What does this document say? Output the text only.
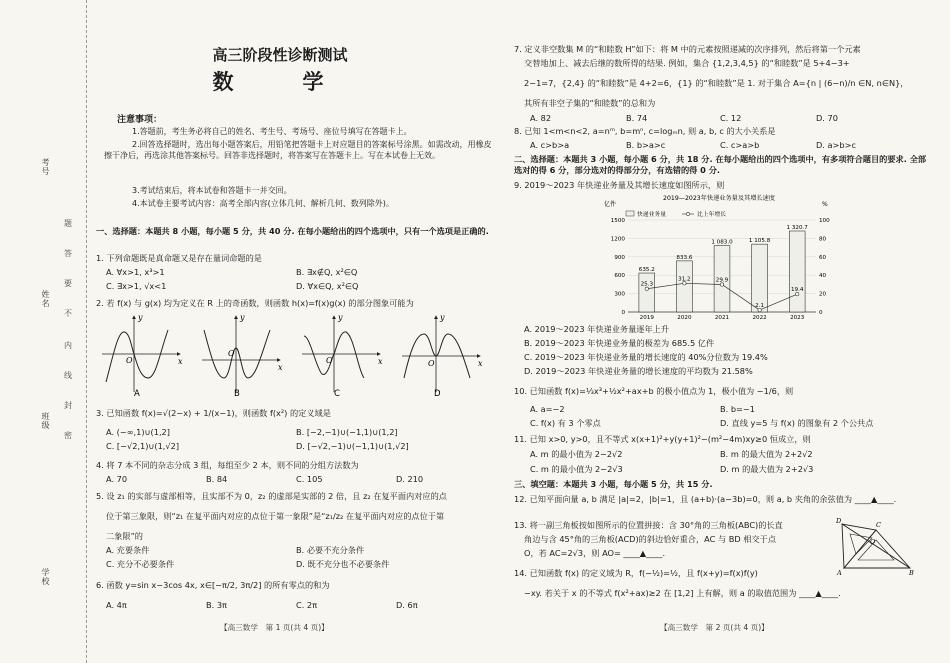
考号
姓名
班级
学校
题
答
要
不
内
线
封
密
高三阶段性诊断测试
数　学
注意事项：
1.答题前，考生务必将自己的姓名、考生号、考场号、座位号填写在答题卡上。
2.回答选择题时，选出每小题答案后，用铅笔把答题卡上对应题目的答案标号涂黑。如需改动，用橡皮擦干净后，再选涂其他答案标号。回答非选择题时，将答案写在答题卡上。写在本试卷上无效。
3.考试结束后，将本试卷和答题卡一并交回。
4.本试卷主要考试内容：高考全部内容(立体几何、解析几何、数列除外)。
一、选择题：本题共 8 小题，每小题 5 分，共 40 分. 在每小题给出的四个选项中，只有一个选项是正确的.
1. 下列命题既是真命题又是存在量词命题的是
A. ∀x>1, x³>1	B. ∃x∉Q, x²∈Q
C. ∃x>1, √x<1	D. ∀x∈Q, x²∈Q
2. 若 f(x) 与 g(x) 均为定义在 R 上的奇函数，则函数 h(x)=f(x)g(x) 的部分图象可能为
O	x
y
A
O
x
y
B
O	x
y
C
O	x
y
D
3. 已知函数 f(x)=√(2−x) + 1/(x−1)，则函数 f(x²) 的定义域是
A. (−∞,1)∪(1,2]	B. [−2,−1)∪(−1,1)∪(1,2]
C. [−√2,1)∪(1,√2]	D. [−√2,−1)∪(−1,1)∪(1,√2]
4. 将 7 本不同的杂志分成 3 组，每组至少 2 本，则不同的分组方法数为
A. 70	B. 84	C. 105	D. 210
5. 设 z₁ 的实部与虚部相等，且实部不为 0，z₂ 的虚部是实部的 2 倍，且 z₂ 在复平面内对应的点
位于第三象限，则“z₁ 在复平面内对应的点位于第一象限”是“z₁/z₂ 在复平面内对应的点位于第
二象限”的
A. 充要条件	B. 必要不充分条件
C. 充分不必要条件	D. 既不充分也不必要条件
6. 函数 y=sin x−3cos 4x, x∈[−π/2, 3π/2] 的所有零点的和为
A. 4π	B. 3π	C. 2π	D. 6π
【高三数学　第 1 页(共 4 页)】
7. 定义非空数集 M 的“和睦数 H”如下：将 M 中的元素按照递减的次序排列，然后将第一个元素
交替地加上、减去后继的数所得的结果. 例如，集合 {1,2,3,4,5} 的“和睦数”是 5+4−3+
2−1=7，{2,4} 的“和睦数”是 4+2=6，{1} 的“和睦数”是 1. 对于集合 A={n | (6−n)/n ∈N, n∈N}，
其所有非空子集的“和睦数”的总和为
A. 82	B. 74	C. 12	D. 70
8. 已知 1<m<n<2, a=nᵐ, b=mⁿ, c=logₘn, 则 a, b, c 的大小关系是
A. c>b>a	B. b>a>c	C. c>a>b	D. a>b>c
二、选择题：本题共 3 小题，每小题 6 分，共 18 分. 在每小题给出的四个选项中，有多项符合题目的要求. 全部选对的得 6 分，部分选对的得部分分，有选错的得 0 分.
9. 2019～2023 年快递业务量及其增长速度如图所示，则
2019—2023年快递业务量及其增长速度
亿件	%
635.2
833.6
1 083.0	1 105.8
1 320.7
25.3
31.2	29.9
2.1
19.4
0
300
600
900
1200
1500
0
20
40
60
80
100
2019	2020	2021	2022	2023
快递业务量	比上年增长
A. 2019～2023 年快递业务量逐年上升
B. 2019～2023 年快递业务量的极差为 685.5 亿件
C. 2019～2023 年快递业务量的增长速度的 40%分位数为 19.4%
D. 2019～2023 年快递业务量的增长速度的平均数为 21.58%
10. 已知函数 f(x)=⅓x³+½x²+ax+b 的极小值点为 1，极小值为 −1/6，则
A. a=−2	B. b=−1
C. f(x) 有 3 个零点	D. 直线 y=5 与 f(x) 的图象有 2 个公共点
11. 已知 x>0, y>0，且不等式 x(x+1)²+y(y+1)²−(m²−4m)xy≥0 恒成立，则
A. m 的最小值为 2−2√2	B. m 的最大值为 2+2√2
C. m 的最小值为 2−2√3	D. m 的最大值为 2+2√3
三、填空题：本题共 3 小题，每小题 5 分，共 15 分.
12. 已知平面向量 a, b 满足 |a|=2，|b|=1，且 (a+b)·(a−3b)=0，则 a, b 夹角的余弦值为 ____▲____.
13. 将一副三角板按如图所示的位置拼接：含 30°角的三角板(ABC)的长直
角边与含 45°角的三角板(ACD)的斜边恰好重合，AC 与 BD 相交于点
O，若 AC=2√3，则 AO= ____▲____.
A	B
C
D
O
14. 已知函数 f(x) 的定义域为 R，f(−½)=½，且 f(x+y)=f(x)f(y)
−xy. 若关于 x 的不等式 f(x²+ax)≥2 在 [1,2] 上有解，则 a 的取值范围为 ____▲____.
【高三数学　第 2 页(共 4 页)】
